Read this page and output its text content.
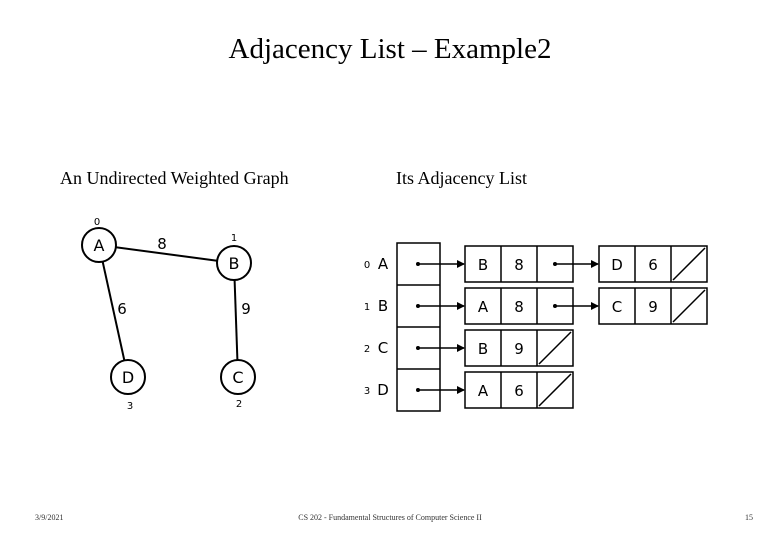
Adjacency List – Example2
An Undirected Weighted Graph	Its Adjacency List
8
6	9
A
0
B
1
C
2
D
3
0 A	B 8	D 6
1 B	A 8	C 9
2 C	B 9
3 D	A 6
3/9/2021	CS 202 - Fundamental Structures of Computer Science II	15
